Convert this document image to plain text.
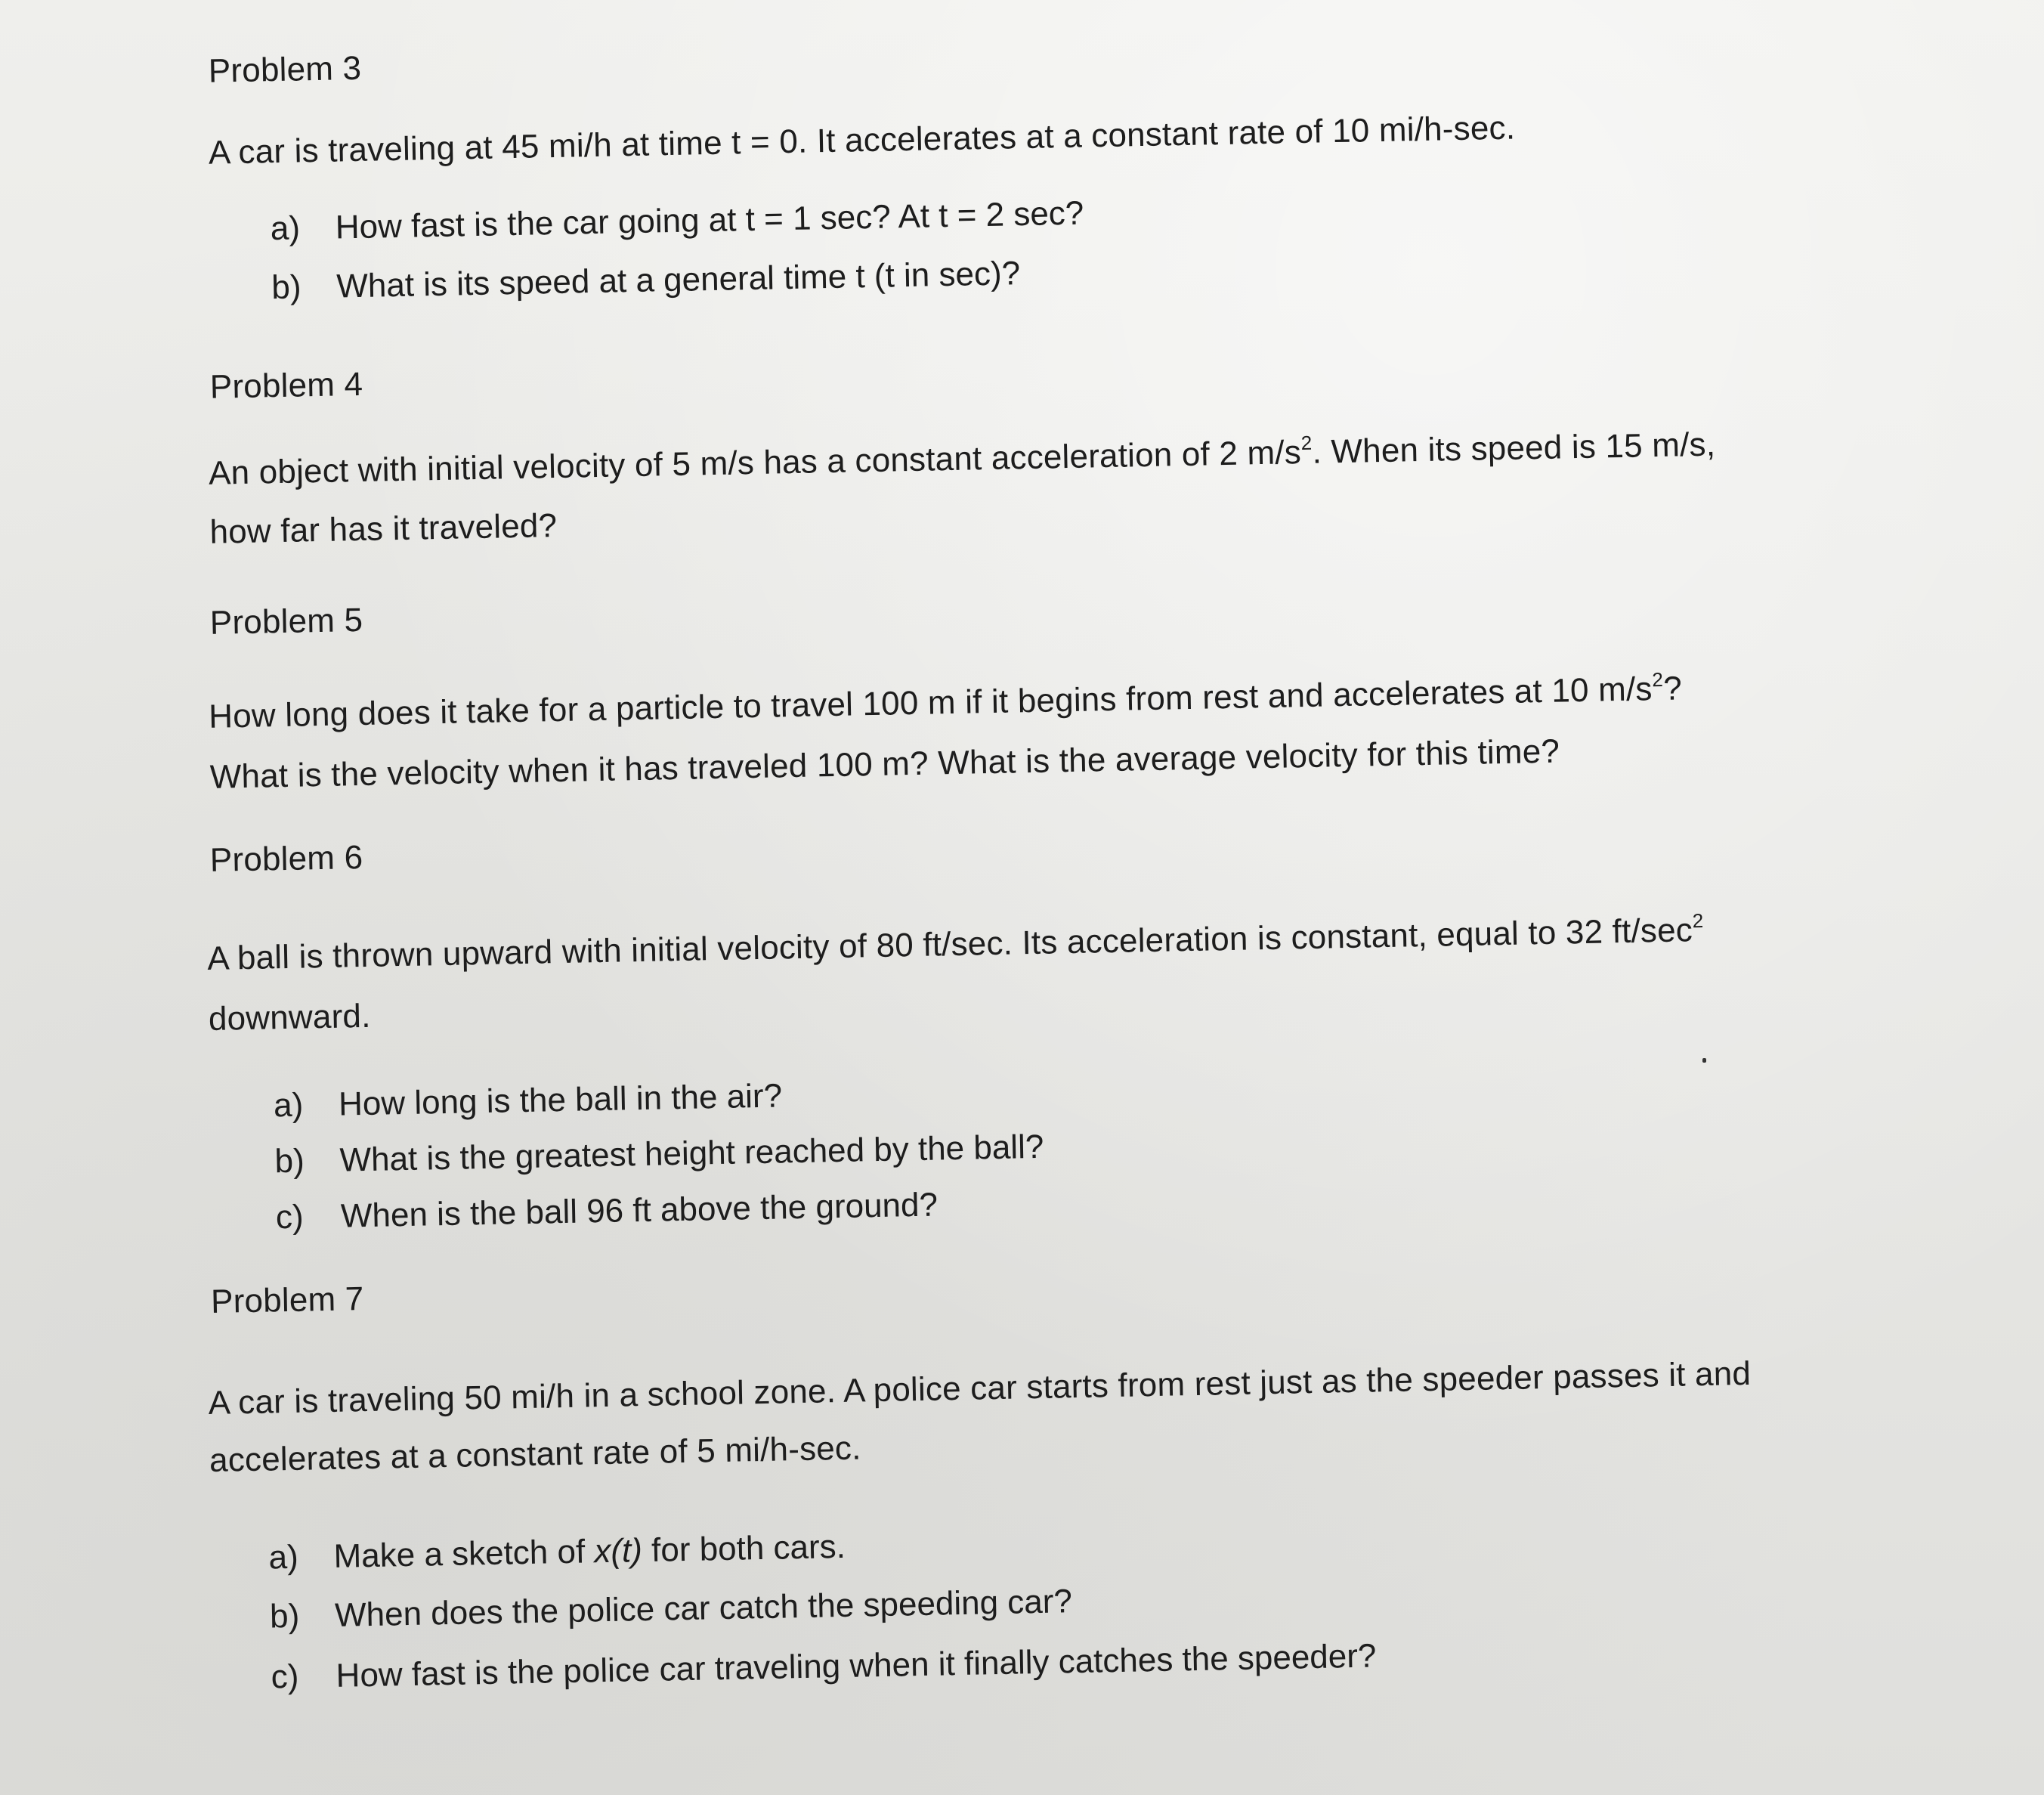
Problem 3
A car is traveling at 45 mi/h at time t = 0. It accelerates at a constant rate of 10 mi/h-sec.
a) How fast is the car going at t = 1 sec? At t = 2 sec?
b) What is its speed at a general time t (t in sec)?
Problem 4
An object with initial velocity of 5 m/s has a constant acceleration of 2 $m/s^2$. When its speed is 15 m/s,
how far has it traveled?
Problem 5
How long does it take for a particle to travel 100 m if it begins from rest and accelerates at 10 $m/s^2$?
What is the velocity when it has traveled 100 m? What is the average velocity for this time?
Problem 6
A ball is thrown upward with initial velocity of 80 ft/sec. Its acceleration is constant, equal to 32 $ft/\sec^2$
downward.
a) How long is the ball in the air?
b) What is the greatest height reached by the ball?
c) When is the ball 96 ft above the ground?
Problem 7
A car is traveling 50 mi/h in a school zone. A police car starts from rest just as the speeder passes it and
accelerates at a constant rate of 5 mi/h-sec.
a) Make a sketch of x(t) for both cars.
b) When does the police car catch the speeding car?
c) How fast is the police car traveling when it finally catches the speeder?
